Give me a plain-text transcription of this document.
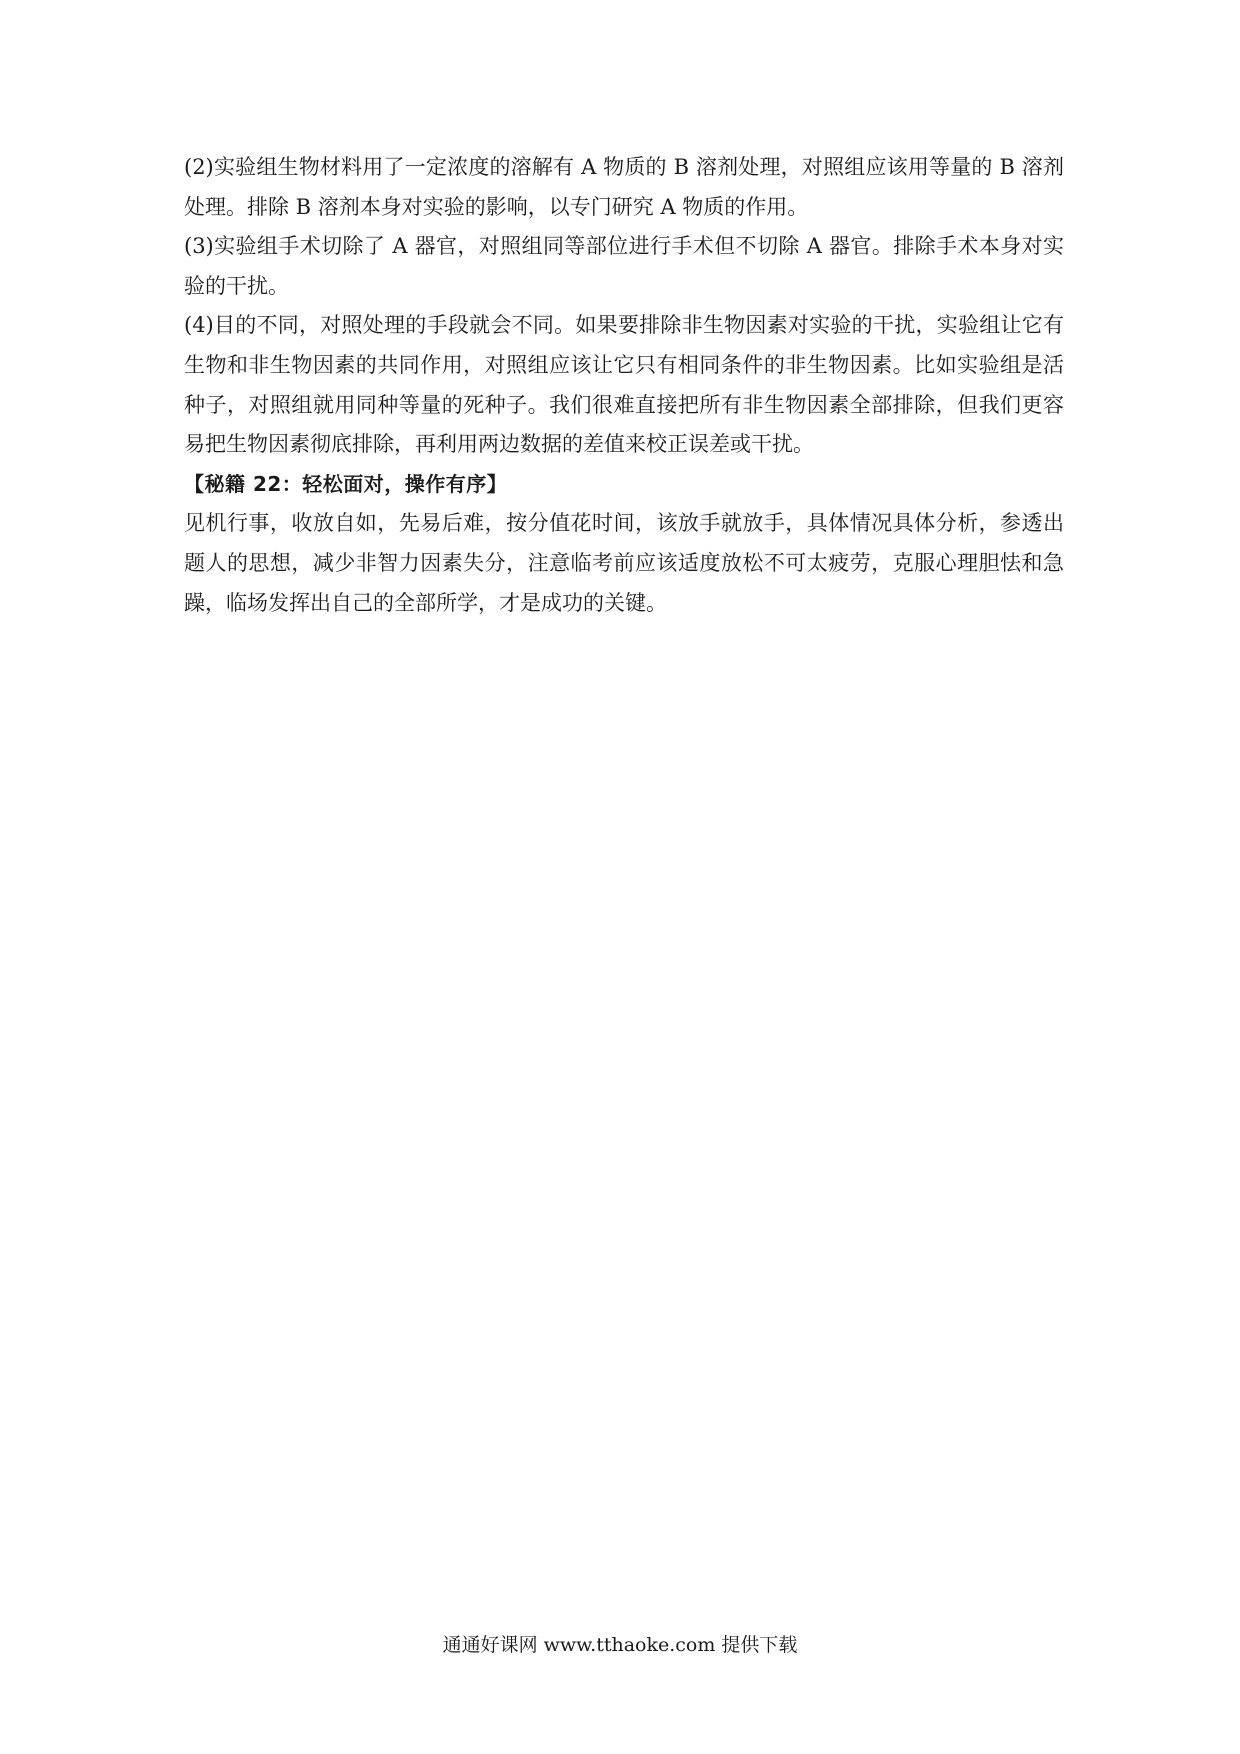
(2)实验组生物材料用了一定浓度的溶解有 A 物质的 B 溶剂处理，对照组应该用等量的 B 溶剂处理。排除 B 溶剂本身对实验的影响，以专门研究 A 物质的作用。

(3)实验组手术切除了 A 器官，对照组同等部位进行手术但不切除 A 器官。排除手术本身对实验的干扰。

(4)目的不同，对照处理的手段就会不同。如果要排除非生物因素对实验的干扰，实验组让它有生物和非生物因素的共同作用，对照组应该让它只有相同条件的非生物因素。比如实验组是活种子，对照组就用同种等量的死种子。我们很难直接把所有非生物因素全部排除，但我们更容易把生物因素彻底排除，再利用两边数据的差值来校正误差或干扰。

【秘籍 22：轻松面对，操作有序】

见机行事，收放自如，先易后难，按分值花时间，该放手就放手，具体情况具体分析，参透出题人的思想，减少非智力因素失分，注意临考前应该适度放松不可太疲劳，克服心理胆怯和急躁，临场发挥出自己的全部所学，才是成功的关键。

通通好课网 www.tthaoke.com 提供下载
